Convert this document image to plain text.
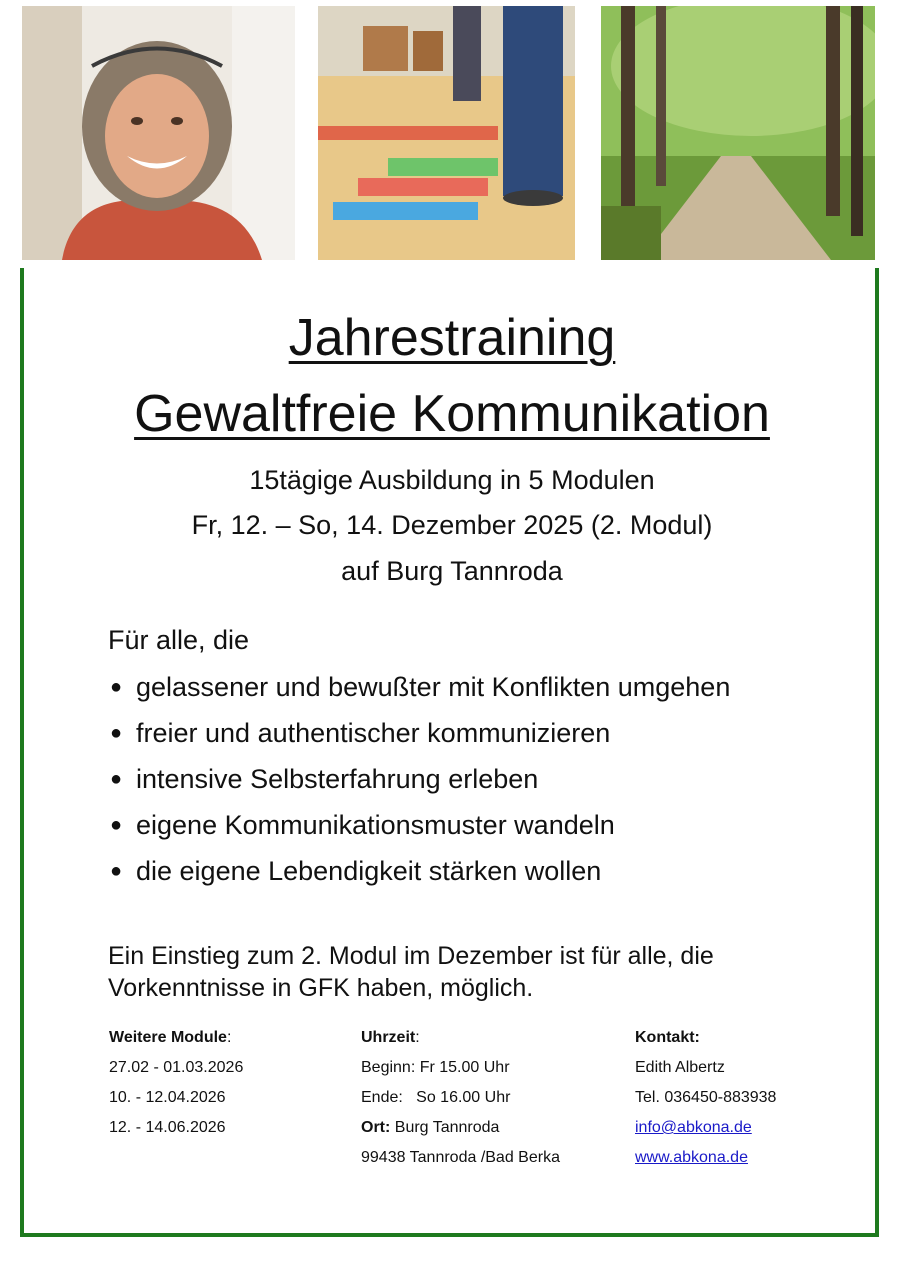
Jahrestraining
Gewaltfreie Kommunikation
15tägige Ausbildung in 5 Modulen
Fr, 12. – So, 14. Dezember 2025 (2. Modul)
auf Burg Tannroda
Für alle, die
● gelassener und bewußter mit Konflikten umgehen
● freier und authentischer kommunizieren
● intensive Selbsterfahrung erleben
● eigene Kommunikationsmuster wandeln
● die eigene Lebendigkeit stärken wollen
Ein Einstieg zum 2. Modul im Dezember ist für alle, die Vorkenntnisse in GFK haben, möglich.
Weitere Module:
27.02 - 01.03.2026
10. - 12.04.2026
12. - 14.06.2026
Uhrzeit:
Beginn: Fr 15.00 Uhr
Ende:   So 16.00 Uhr
Ort: Burg Tannroda
99438 Tannroda /Bad Berka
Kontakt:
Edith Albertz
Tel. 036450-883938
info@abkona.de
www.abkona.de
